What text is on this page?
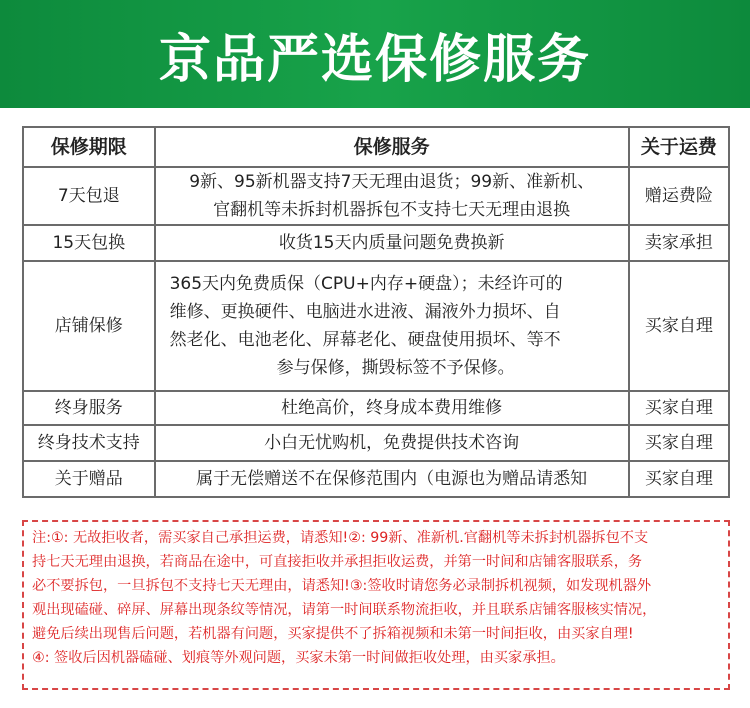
京品严选保修服务
保修期限	保修服务	关于运费
7天包退	9新、95新机器支持7天无理由退货；99新、准新机、
官翻机等未拆封机器拆包不支持七天无理由退换	赠运费险
15天包换	收货15天内质量问题免费换新	卖家承担
店铺保修	365天内免费质保（CPU+内存+硬盘）；未经许可的
维修、更换硬件、电脑进水进液、漏液外力损坏、自
然老化、电池老化、屏幕老化、硬盘使用损坏、等不
参与保修，撕毁标签不予保修。	买家自理
终身服务	杜绝高价，终身成本费用维修	买家自理
终身技术支持	小白无忧购机，免费提供技术咨询	买家自理
关于赠品	属于无偿赠送不在保修范围内（电源也为赠品请悉知	买家自理

注:①: 无故拒收者，需买家自己承担运费，请悉知!②: 99新、准新机.官翻机等未拆封机器拆包不支

持七天无理由退换，若商品在途中，可直接拒收并承担拒收运费，并第一时间和店铺客服联系，务

必不要拆包，一旦拆包不支持七天无理由，请悉知!③:签收时请您务必录制拆机视频，如发现机器外

观出现磕碰、碎屏、屏幕出现条纹等情况，请第一时间联系物流拒收，并且联系店铺客服核实情况，

避免后续出现售后问题，若机器有问题，买家提供不了拆箱视频和未第一时间拒收，由买家自理!

④: 签收后因机器磕碰、划痕等外观问题，买家未第一时间做拒收处理，由买家承担。
